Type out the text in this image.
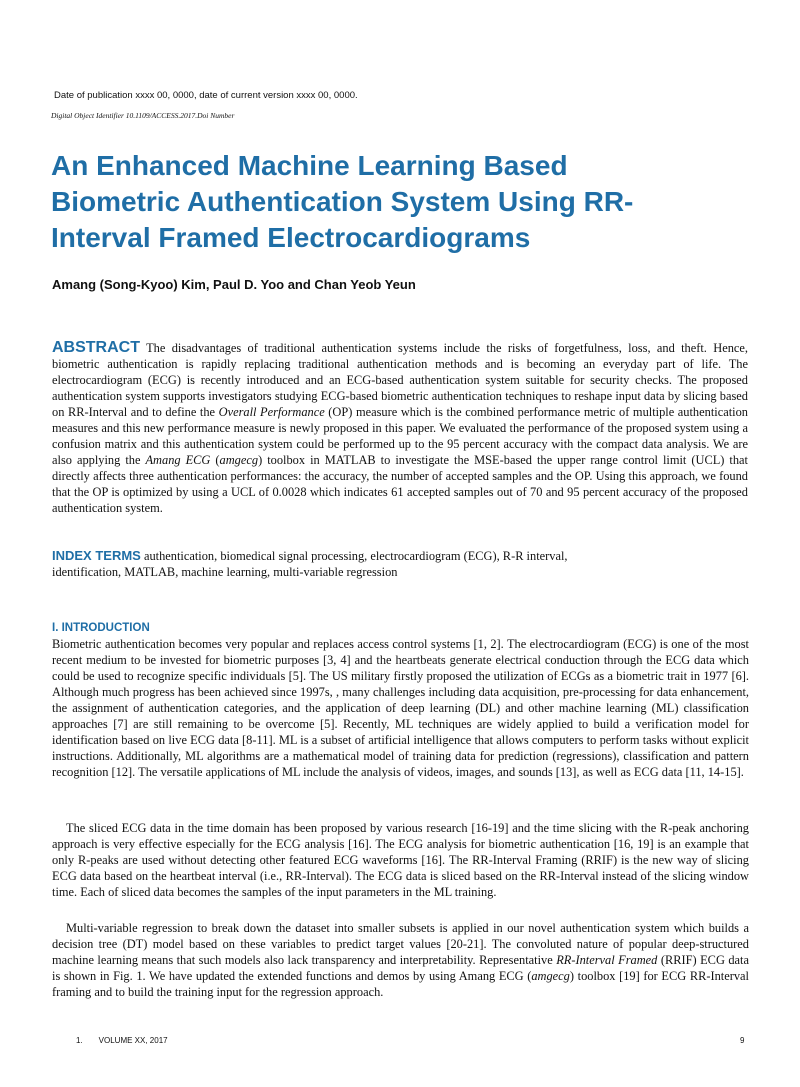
Date of publication xxxx 00, 0000, date of current version xxxx 00, 0000.
Digital Object Identifier 10.1109/ACCESS.2017.Doi Number
An Enhanced Machine Learning Based
Biometric Authentication System Using RR-
Interval Framed Electrocardiograms
Amang (Song-Kyoo) Kim, Paul D. Yoo and Chan Yeob Yeun

ABSTRACT The disadvantages of traditional authentication systems include the risks of forgetfulness, loss, and theft. Hence, biometric authentication is rapidly replacing traditional authentication methods and is becoming an everyday part of life. The electrocardiogram (ECG) is recently introduced and an ECG-based authentication system suitable for security checks. The proposed authentication system supports investigators studying ECG-based biometric authentication techniques to reshape input data by slicing based on RR-Interval and to define the Overall Performance (OP) measure which is the combined performance metric of multiple authentication measures and this new performance measure is newly proposed in this paper. We evaluated the performance of the proposed system using a confusion matrix and this authentication system could be performed up to the 95 percent accuracy with the compact data analysis. We are also applying the Amang ECG (amgecg) toolbox in MATLAB to investigate the MSE-based the upper range control limit (UCL) that directly affects three authentication performances: the accuracy, the number of accepted samples and the OP. Using this approach, we found that the OP is optimized by using a UCL of 0.0028 which indicates 61 accepted samples out of 70 and 95 percent accuracy of the proposed authentication system.

INDEX TERMS authentication, biomedical signal processing, electrocardiogram (ECG), R-R interval,
identification, MATLAB, machine learning, multi-variable regression

I. INTRODUCTION

Biometric authentication becomes very popular and replaces access control systems [1, 2]. The electrocardiogram (ECG) is one of the most recent medium to be invested for biometric purposes [3, 4] and the heartbeats generate electrical conduction through the ECG data which could be used to recognize specific individuals [5]. The US military firstly proposed the utilization of ECGs as a biometric trait in 1977 [6]. Although much progress has been achieved since 1997s, , many challenges including data acquisition, pre-processing for data enhancement, the assignment of authentication categories, and the application of deep learning (DL) and other machine learning (ML) classification approaches [7] are still remaining to be overcome [5]. Recently, ML techniques are widely applied to build a verification model for identification based on live ECG data [8-11]. ML is a subset of artificial intelligence that allows computers to perform tasks without explicit instructions. Additionally, ML algorithms are a mathematical model of training data for prediction (regressions), classification and pattern recognition [12]. The versatile applications of ML include the analysis of videos, images, and sounds [13], as well as ECG data [11, 14-15].

The sliced ECG data in the time domain has been proposed by various research [16-19] and the time slicing with the R-peak anchoring approach is very effective especially for the ECG analysis [16]. The ECG analysis for biometric authentication [16, 19] is an example that only R-peaks are used without detecting other featured ECG waveforms [16]. The RR-Interval Framing (RRIF) is the new way of slicing ECG data based on the heartbeat interval (i.e., RR-Interval). The ECG data is sliced based on the RR-Interval instead of the slicing window time. Each of sliced data becomes the samples of the input parameters in the ML training.

Multi-variable regression to break down the dataset into smaller subsets is applied in our novel authentication system which builds a decision tree (DT) model based on these variables to predict target values [20-21]. The convoluted nature of popular deep-structured machine learning means that such models also lack transparency and interpretability. Representative RR-Interval Framed (RRIF) ECG data is shown in Fig. 1. We have updated the extended functions and demos by using Amang ECG (amgecg) toolbox [19] for ECG RR-Interval framing and to build the training input for the regression approach.

1. VOLUME XX, 2017	9
